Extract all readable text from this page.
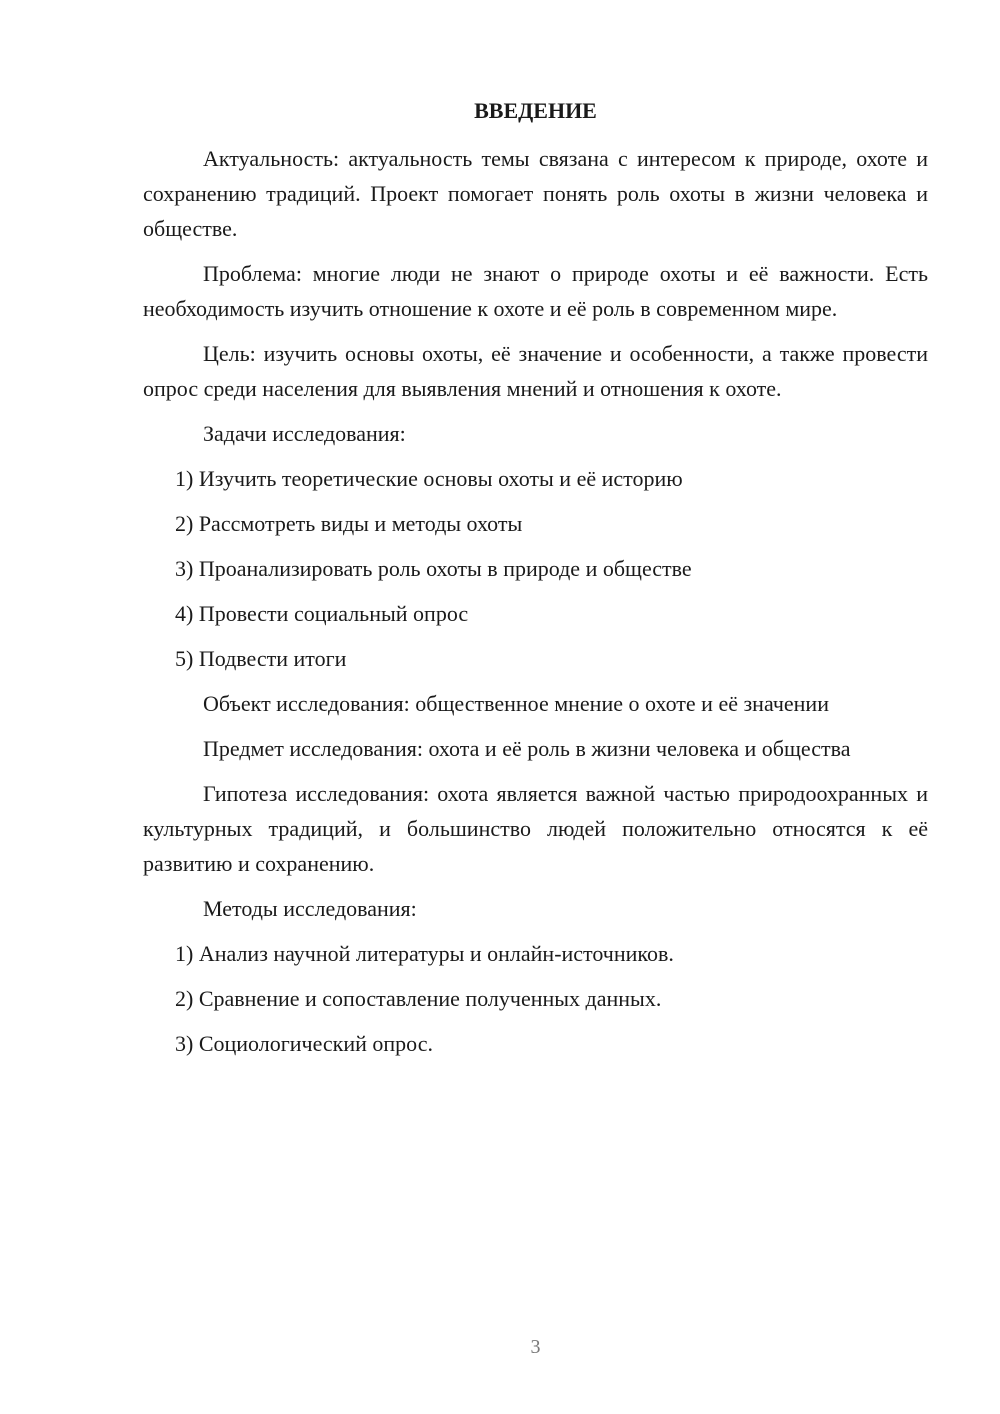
ВВЕДЕНИЕ

Актуальность: актуальность темы связана с интересом к природе, охоте и сохранению традиций. Проект помогает понять роль охоты в жизни человека и обществе.

Проблема: многие люди не знают о природе охоты и её важности. Есть необходимость изучить отношение к охоте и её роль в современном мире.

Цель: изучить основы охоты, её значение и особенности, а также провести опрос среди населения для выявления мнений и отношения к охоте.

Задачи исследования:

1) Изучить теоретические основы охоты и её историю

2) Рассмотреть виды и методы охоты

3) Проанализировать роль охоты в природе и обществе

4) Провести социальный опрос

5) Подвести итоги

Объект исследования: общественное мнение о охоте и её значении

Предмет исследования: охота и её роль в жизни человека и общества

Гипотеза исследования: охота является важной частью природоохранных и культурных традиций, и большинство людей положительно относятся к её развитию и сохранению.

Методы исследования:

1) Анализ научной литературы и онлайн-источников.

2) Сравнение и сопоставление полученных данных.

3) Социологический опрос.

3
